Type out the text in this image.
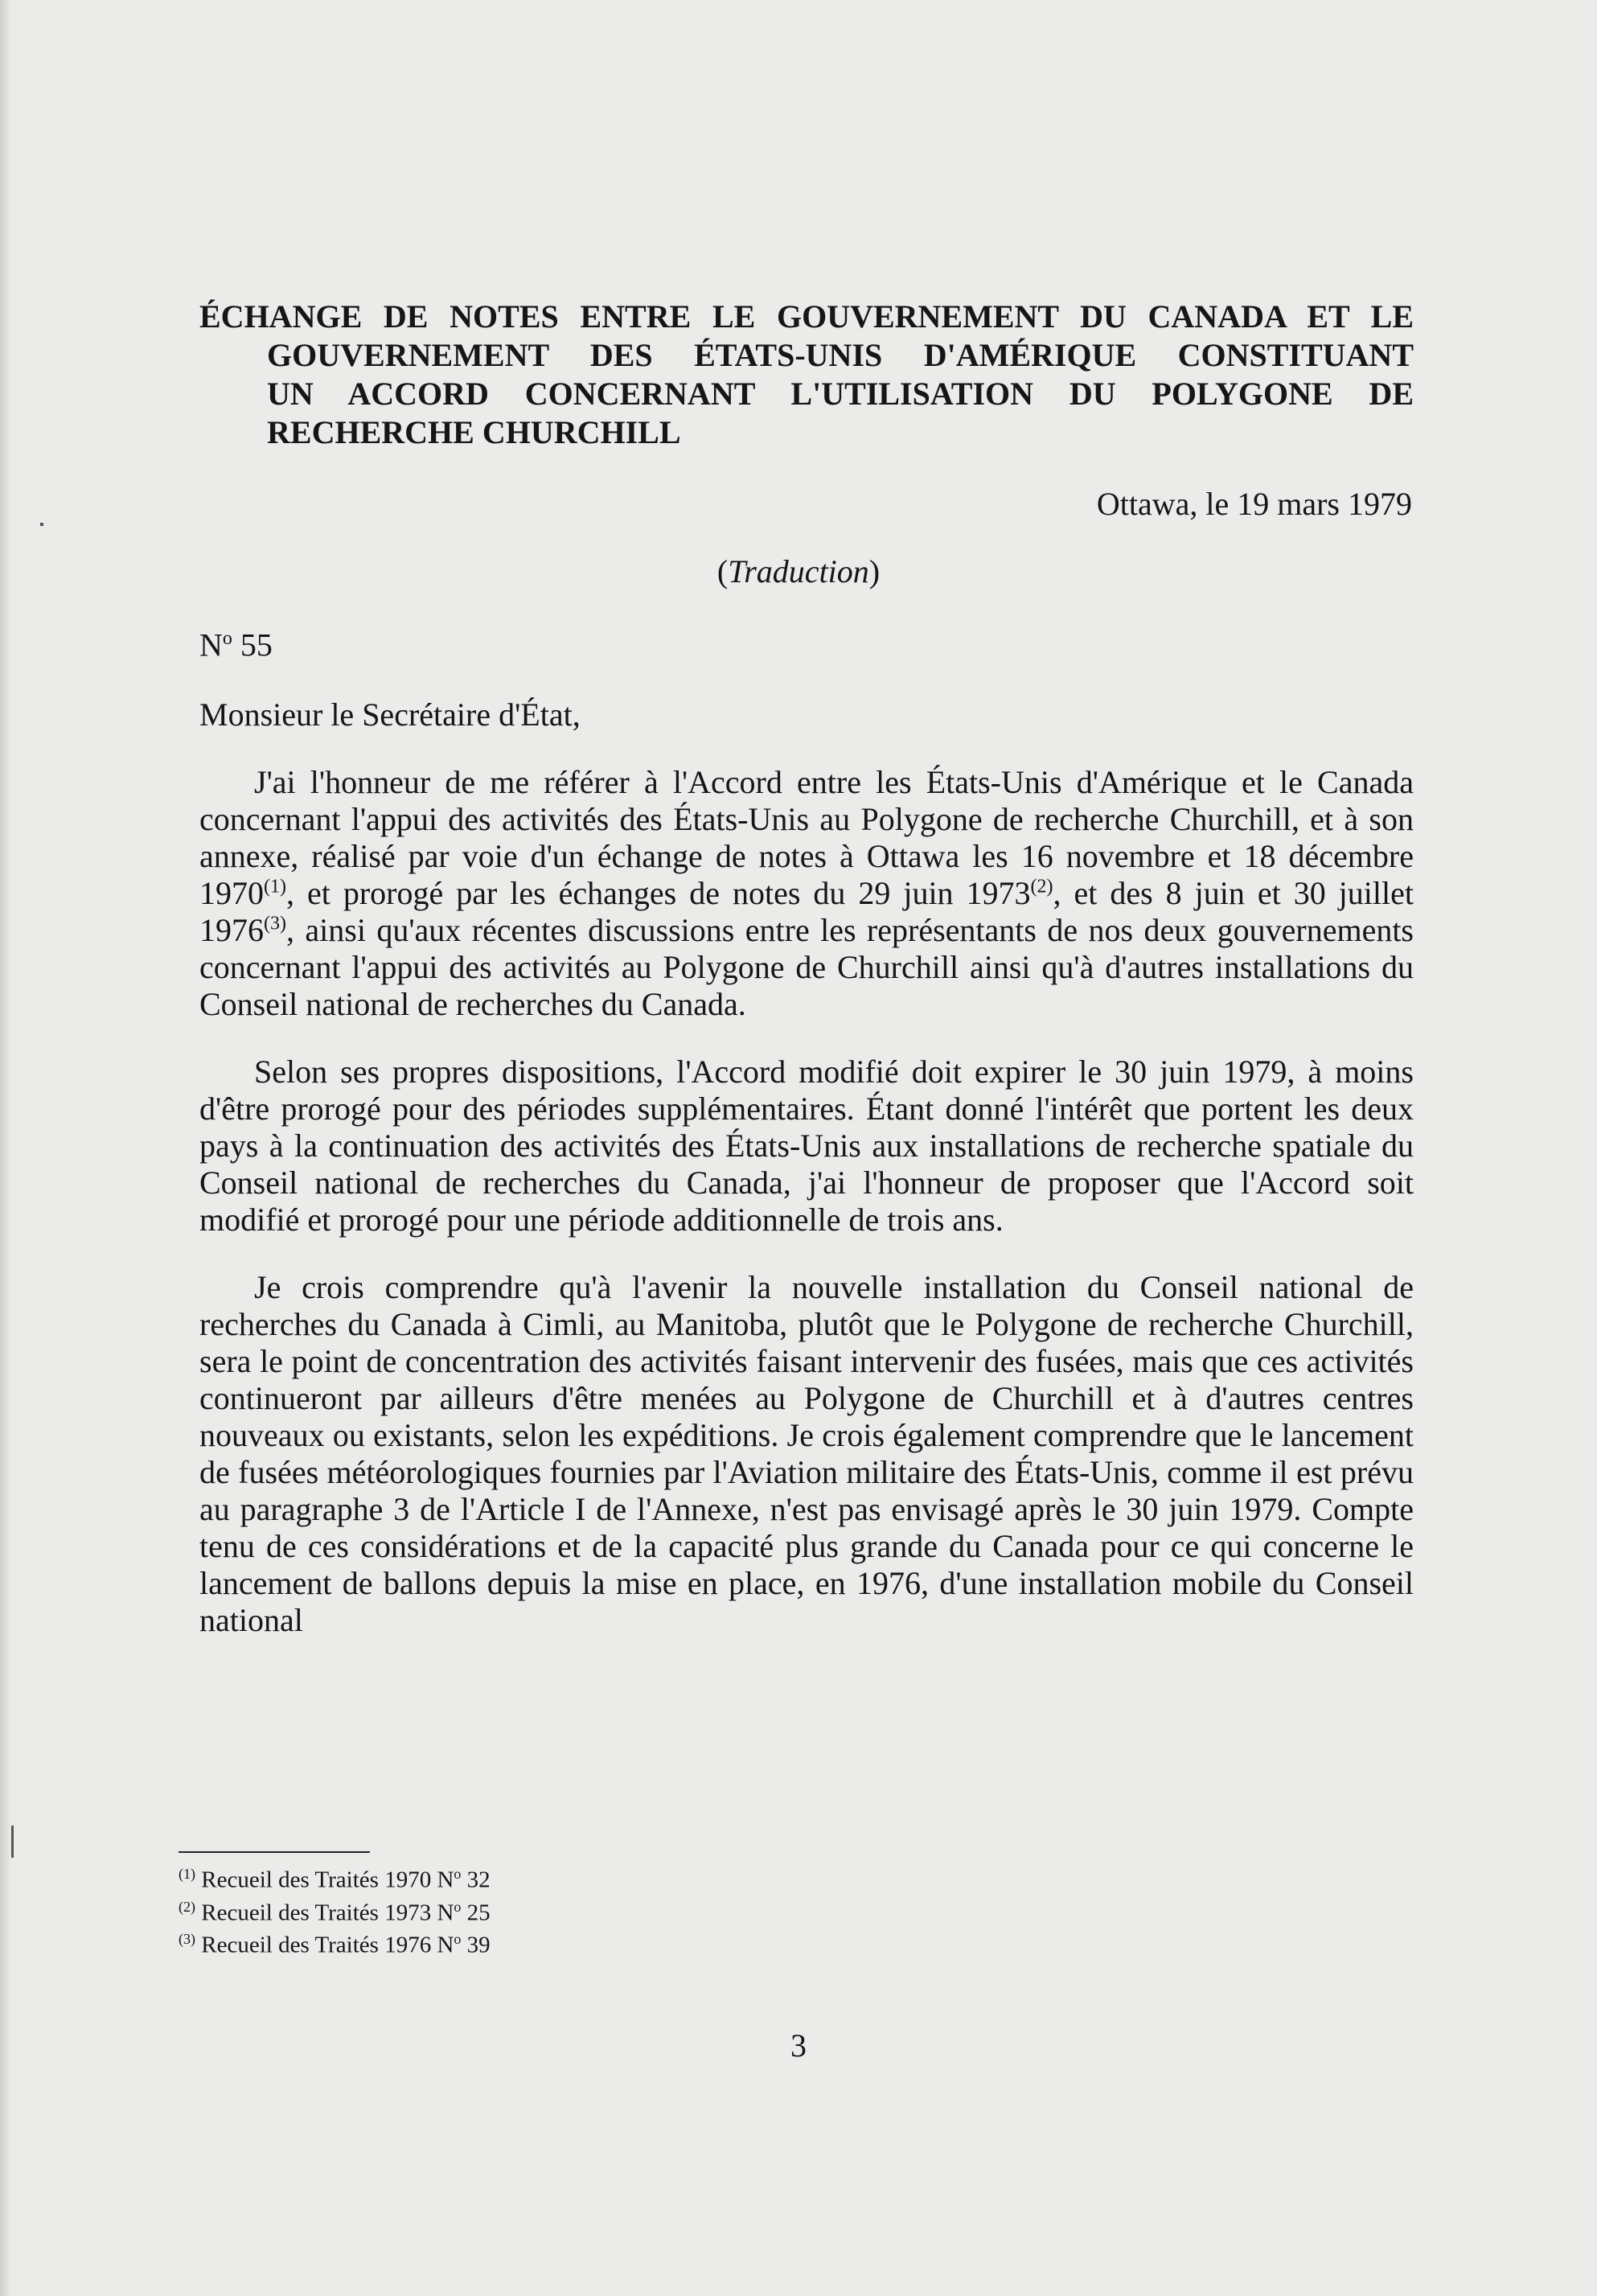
ÉCHANGE DE NOTES ENTRE LE GOUVERNEMENT DU CANADA ET LE
GOUVERNEMENT DES ÉTATS-UNIS D'AMÉRIQUE CONSTITUANT
UN ACCORD CONCERNANT L'UTILISATION DU POLYGONE DE
RECHERCHE CHURCHILL
Ottawa, le 19 mars 1979
(Traduction)
$N^o$ 55
Monsieur le Secrétaire d'État,

J'ai l'honneur de me référer à l'Accord entre les États-Unis d'Amérique et le Canada concernant l'appui des activités des États-Unis au Polygone de recherche Churchill, et à son annexe, réalisé par voie d'un échange de notes à Ottawa les 16 novembre et 18 décembre 1970$^{(1)}$, et prorogé par les échanges de notes du 29 juin 1973$^{(2)}$, et des 8 juin et 30 juillet 1976$^{(3)}$, ainsi qu'aux récentes discussions entre les représentants de nos deux gouvernements concernant l'appui des activités au Polygone de Churchill ainsi qu'à d'autres installations du Conseil national de recherches du Canada.

Selon ses propres dispositions, l'Accord modifié doit expirer le 30 juin 1979, à moins d'être prorogé pour des périodes supplémentaires. Étant donné l'intérêt que portent les deux pays à la continuation des activités des États-Unis aux installations de recherche spatiale du Conseil national de recherches du Canada, j'ai l'honneur de proposer que l'Accord soit modifié et prorogé pour une période additionnelle de trois ans.

Je crois comprendre qu'à l'avenir la nouvelle installation du Conseil national de recherches du Canada à Cimli, au Manitoba, plutôt que le Polygone de recherche Churchill, sera le point de concentration des activités faisant intervenir des fusées, mais que ces activités continueront par ailleurs d'être menées au Polygone de Churchill et à d'autres centres nouveaux ou existants, selon les expéditions. Je crois également comprendre que le lancement de fusées météorologiques fournies par l'Aviation militaire des États-Unis, comme il est prévu au paragraphe 3 de l'Article I de l'Annexe, n'est pas envisagé après le 30 juin 1979. Compte tenu de ces considérations et de la capacité plus grande du Canada pour ce qui concerne le lancement de ballons depuis la mise en place, en 1976, d'une installation mobile du Conseil national

$^{(1)}$ Recueil des Traités 1970 $N^o$ 32
$^{(2)}$ Recueil des Traités 1973 $N^o$ 25
$^{(3)}$ Recueil des Traités 1976 $N^o$ 39
3
